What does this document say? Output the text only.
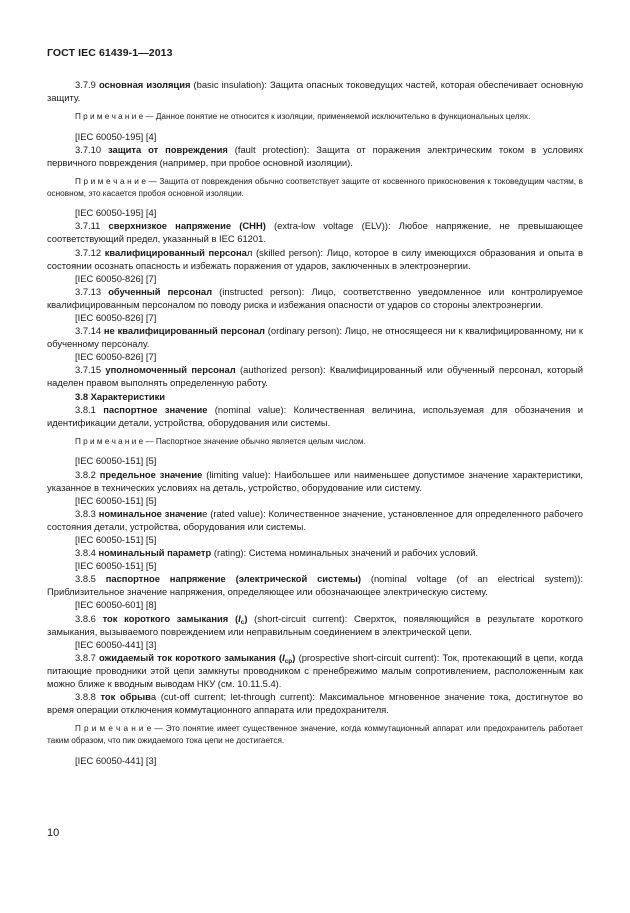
ГОСТ IEC 61439-1—2013

3.7.9 основная изоляция (basic insulation): Защита опасных токоведущих частей, которая обеспечивает основную защиту.

П р и м е ч а н и е — Данное понятие не относится к изоляции, применяемой исключительно в функциональных целях.

[IEC 60050-195] [4]

3.7.10 защита от повреждения (fault protection): Защита от поражения электрическим током в условиях первичного повреждения (например, при пробое основной изоляции).

П р и м е ч а н и е — Защита от повреждения обычно соответствует защите от косвенного прикосновения к токоведущим частям, в основном, это касается пробоя основной изоляции.

[IEC 60050-195] [4]

3.7.11 сверхнизкое напряжение (СНН) (extra-low voltage (ELV)): Любое напряжение, не превышающее соответствующий предел, указанный в IEC 61201.

3.7.12 квалифицированный персонал (skilled person): Лицо, которое в силу имеющихся образования и опыта в состоянии осознать опасность и избежать поражения от ударов, заключенных в электроэнергии.

[IEC 60050-826] [7]

3.7.13 обученный персонал (instructed person): Лицо, соответственно уведомленное или контролируемое квалифицированным персоналом по поводу риска и избежания опасности от ударов со стороны электроэнергии.

[IEC 60050-826] [7]

3.7.14 не квалифицированный персонал (ordinary person): Лицо, не относящееся ни к квалифицированному, ни к обученному персоналу.

[IEC 60050-826] [7]

3.7.15 уполномоченный персонал (authorized person): Квалифицированный или обученный персонал, который наделен правом выполнять определенную работу.

3.8 Характеристики

3.8.1 паспортное значение (nominal value): Количественная величина, используемая для обозначения и идентификации детали, устройства, оборудования или системы.

П р и м е ч а н и е — Паспортное значение обычно является целым числом.

[IEC 60050-151] [5]

3.8.2 предельное значение (limiting value): Наибольшее или наименьшее допустимое значение характеристики, указанное в технических условиях на деталь, устройство, оборудование или систему.

[IEC 60050-151] [5]

3.8.3 номинальное значение (rated value): Количественное значение, установленное для определенного рабочего состояния детали, устройства, оборудования или системы.

[IEC 60050-151] [5]

3.8.4 номинальный параметр (rating): Система номинальных значений и рабочих условий.

[IEC 60050-151] [5]

3.8.5 паспортное напряжение (электрической системы) (nominal voltage (of an electrical system)): Приблизительное значение напряжения, определяющее или обозначающее электрическую систему.

[IEC 60050-601] [8]

3.8.6 ток короткого замыкания $(I_c)$ (short-circuit current): Сверхток, появляющийся в результате короткого замыкания, вызываемого повреждением или неправильным соединением в электрической цепи.

[IEC 60050-441] [3]

3.8.7 ожидаемый ток короткого замыкания $(I_{cp})$ (prospective short-circuit current): Ток, протекающий в цепи, когда питающие проводники этой цепи замкнуты проводником с пренебрежимо малым сопротивлением, расположенным как можно ближе к вводным выводам НКУ (см. 10.11.5.4).

3.8.8 ток обрыва (cut-off current; let-through current): Максимальное мгновенное значение тока, достигнутое во время операции отключения коммутационного аппарата или предохранителя.

П р и м е ч а н и е — Это понятие имеет существенное значение, когда коммутационный аппарат или предохранитель работает таким образом, что пик ожидаемого тока цепи не достигается.

[IEC 60050-441] [3]

10
